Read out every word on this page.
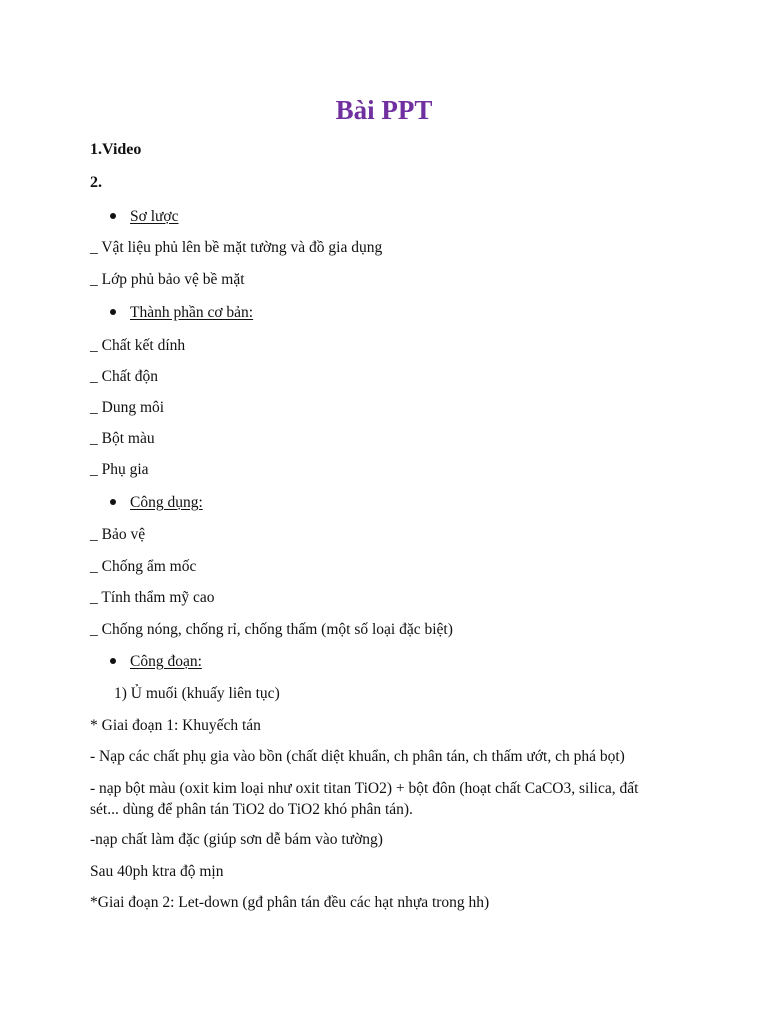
Bài PPT
1.Video
2.
Sơ lược
_ Vật liệu phủ lên bề mặt tường và đồ gia dụng
_ Lớp phủ bảo vệ bề mặt
Thành phần cơ bản:
_ Chất kết dính
_ Chất độn
_ Dung môi
_ Bột màu
_ Phụ gia
Công dụng:
_ Bảo vệ
_ Chống ẩm mốc
_ Tính thẩm mỹ cao
_ Chống nóng, chống rỉ, chống thấm (một số loại đặc biệt)
Công đoạn:
1) Ủ muối (khuấy liên tục)
* Giai đoạn 1: Khuyếch tán
- Nạp các chất phụ gia vào bồn (chất diệt khuẩn, ch phân tán, ch thấm ướt, ch phá bọt)
- nạp bột màu (oxit kim loại như oxit titan TiO2) + bột đôn (hoạt chất CaCO3, silica, đất
sét... dùng để phân tán TiO2 do TiO2 khó phân tán).
-nạp chất làm đặc (giúp sơn dễ bám vào tường)
Sau 40ph ktra độ mịn
*Giai đoạn 2: Let-down (gđ phân tán đều các hạt nhựa trong hh)
